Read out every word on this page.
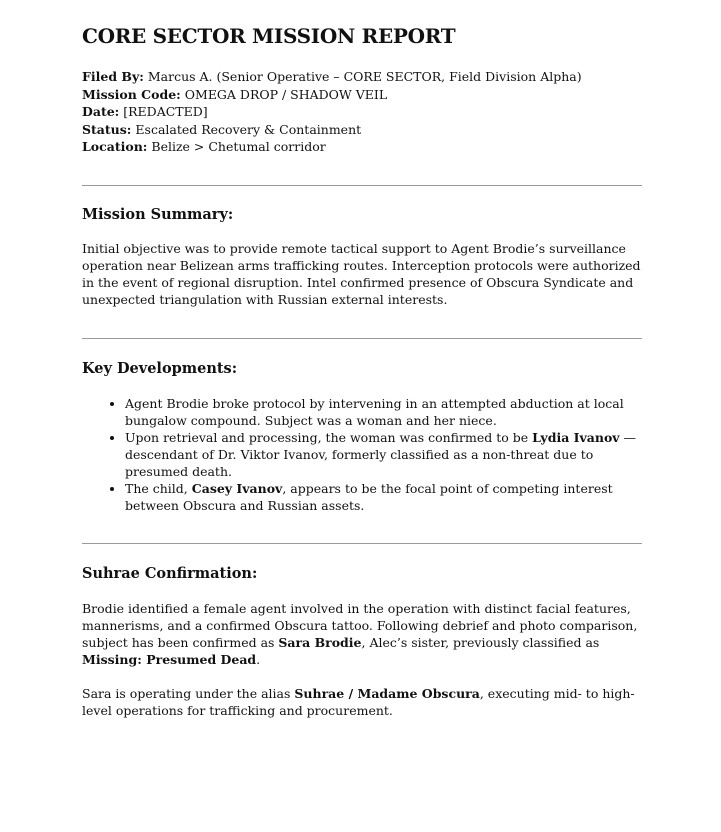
CORE SECTOR MISSION REPORT
Filed By: Marcus A. (Senior Operative – CORE SECTOR, Field Division Alpha)
Mission Code: OMEGA DROP / SHADOW VEIL
Date: [REDACTED]
Status: Escalated Recovery & Containment
Location: Belize > Chetumal corridor
Mission Summary:

Initial objective was to provide remote tactical support to Agent Brodie’s surveillance operation near Belizean arms trafficking routes. Interception protocols were authorized in the event of regional disruption. Intel confirmed presence of Obscura Syndicate and unexpected triangulation with Russian external interests.

Key Developments:
• Agent Brodie broke protocol by intervening in an attempted abduction at local bungalow compound. Subject was a woman and her niece.
• Upon retrieval and processing, the woman was confirmed to be Lydia Ivanov — descendant of Dr. Viktor Ivanov, formerly classified as a non-threat due to presumed death.
• The child, Casey Ivanov, appears to be the focal point of competing interest between Obscura and Russian assets.
Suhrae Confirmation:

Brodie identified a female agent involved in the operation with distinct facial features, mannerisms, and a confirmed Obscura tattoo. Following debrief and photo comparison, subject has been confirmed as Sara Brodie, Alec’s sister, previously classified as Missing: Presumed Dead.

Sara is operating under the alias Suhrae / Madame Obscura, executing mid- to high-level operations for trafficking and procurement.
